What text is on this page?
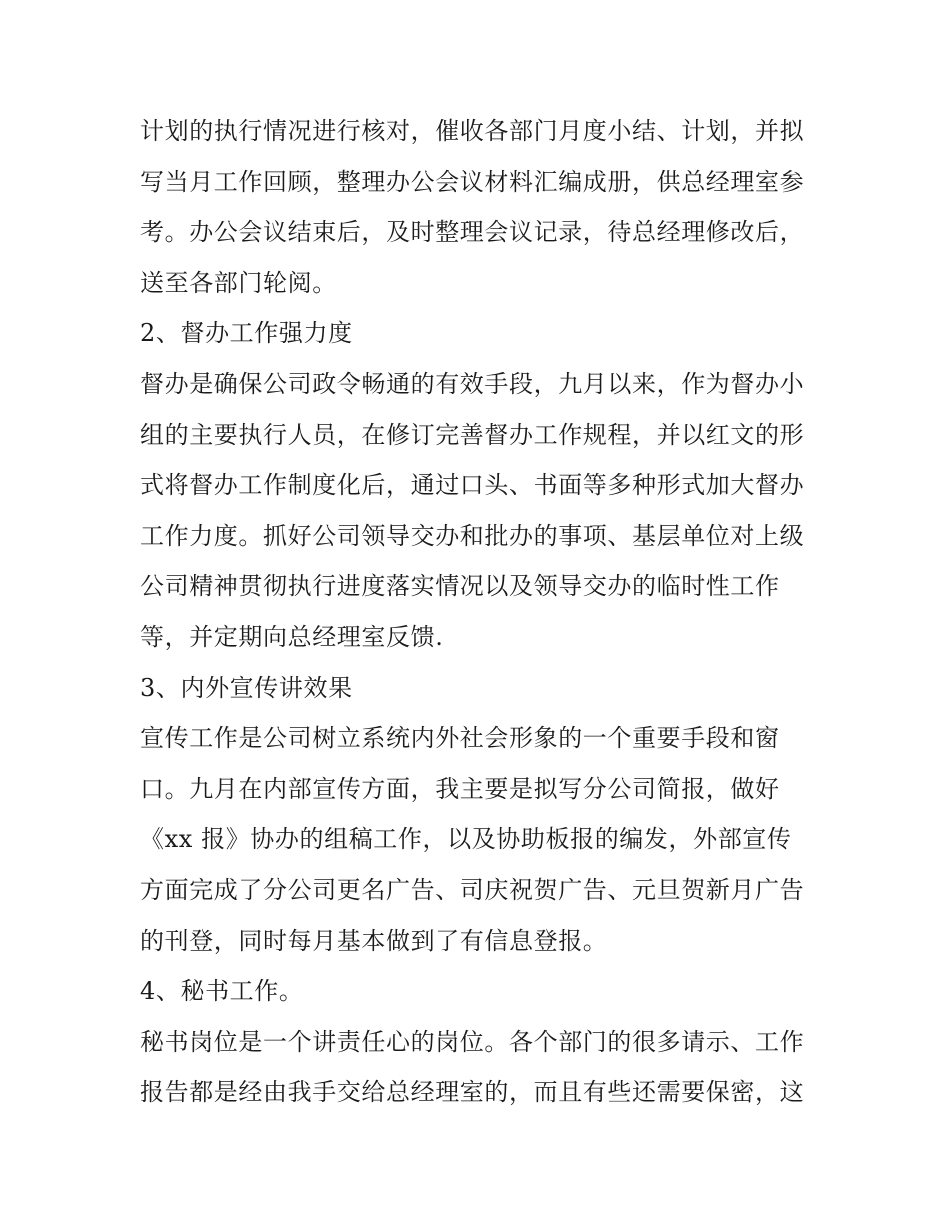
计划的执行情况进行核对，催收各部门月度小结、计划，并拟
写当月工作回顾，整理办公会议材料汇编成册，供总经理室参
考。办公会议结束后，及时整理会议记录，待总经理修改后，
送至各部门轮阅。
2、督办工作强力度
督办是确保公司政令畅通的有效手段，九月以来，作为督办小
组的主要执行人员，在修订完善督办工作规程，并以红文的形
式将督办工作制度化后，通过口头、书面等多种形式加大督办
工作力度。抓好公司领导交办和批办的事项、基层单位对上级
公司精神贯彻执行进度落实情况以及领导交办的临时性工作
等，并定期向总经理室反馈.
3、内外宣传讲效果
宣传工作是公司树立系统内外社会形象的一个重要手段和窗
口。九月在内部宣传方面，我主要是拟写分公司简报，做好
《xx 报》协办的组稿工作，以及协助板报的编发，外部宣传
方面完成了分公司更名广告、司庆祝贺广告、元旦贺新月广告
的刊登，同时每月基本做到了有信息登报。
4、秘书工作。
秘书岗位是一个讲责任心的岗位。各个部门的很多请示、工作
报告都是经由我手交给总经理室的，而且有些还需要保密，这
